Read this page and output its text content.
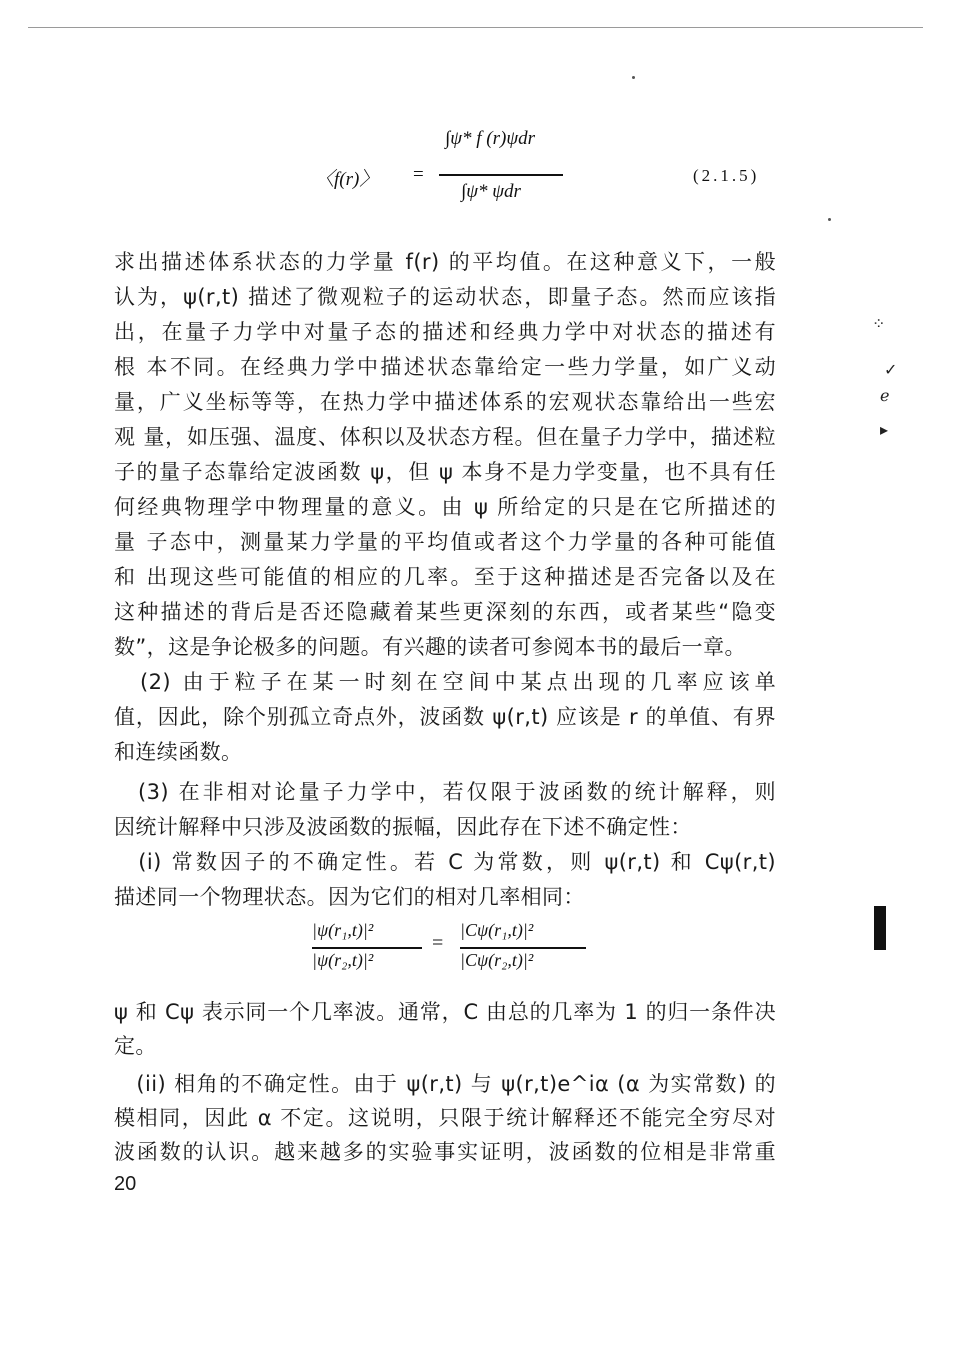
〈f(r)〉 =
∫ψ* f (r)ψdr
∫ψ* ψdr
(2.1.5)
求出描述体系状态的力学量 f(r) 的平均值。在这种意义下，一般
认为，ψ(r,t) 描述了微观粒子的运动状态，即量子态。然而应该指
出，在量子力学中对量子态的描述和经典力学中对状态的描述有
根 本不同。在经典力学中描述状态靠给定一些力学量，如广义动
量，广义坐标等等，在热力学中描述体系的宏观状态靠给出一些宏
观 量，如压强、温度、体积以及状态方程。但在量子力学中，描述粒
子的量子态靠给定波函数 ψ，但 ψ 本身不是力学变量，也不具有任
何经典物理学中物理量的意义。由 ψ 所给定的只是在它所描述的
量 子态中，测量某力学量的平均值或者这个力学量的各种可能值
和 出现这些可能值的相应的几率。至于这种描述是否完备以及在
这种描述的背后是否还隐藏着某些更深刻的东西，或者某些“隐变
数”，这是争论极多的问题。有兴趣的读者可参阅本书的最后一章。
　(2) 由于粒子在某一时刻在空间中某点出现的几率应该单
值，因此，除个别孤立奇点外，波函数 ψ(r,t) 应该是 r 的单值、有界
和连续函数。
　(3) 在非相对论量子力学中，若仅限于波函数的统计解释，则
因统计解释中只涉及波函数的振幅，因此存在下述不确定性：
　(i) 常数因子的不确定性。若 C 为常数，则 ψ(r,t) 和 Cψ(r,t)
描述同一个物理状态。因为它们的相对几率相同：
|ψ(r₁,t)|²
|ψ(r₂,t)|²
=
|Cψ(r₁,t)|²
|Cψ(r₂,t)|²
ψ 和 Cψ 表示同一个几率波。通常，C 由总的几率为 1 的归一条件决
定。
　(ii) 相角的不确定性。由于 ψ(r,t) 与 ψ(r,t)e^iα (α 为实常数) 的
模相同，因此 α 不定。这说明，只限于统计解释还不能完全穷尽对
波函数的认识。越来越多的实验事实证明，波函数的位相是非常重
20
⁘
✓
ℯ
▸
